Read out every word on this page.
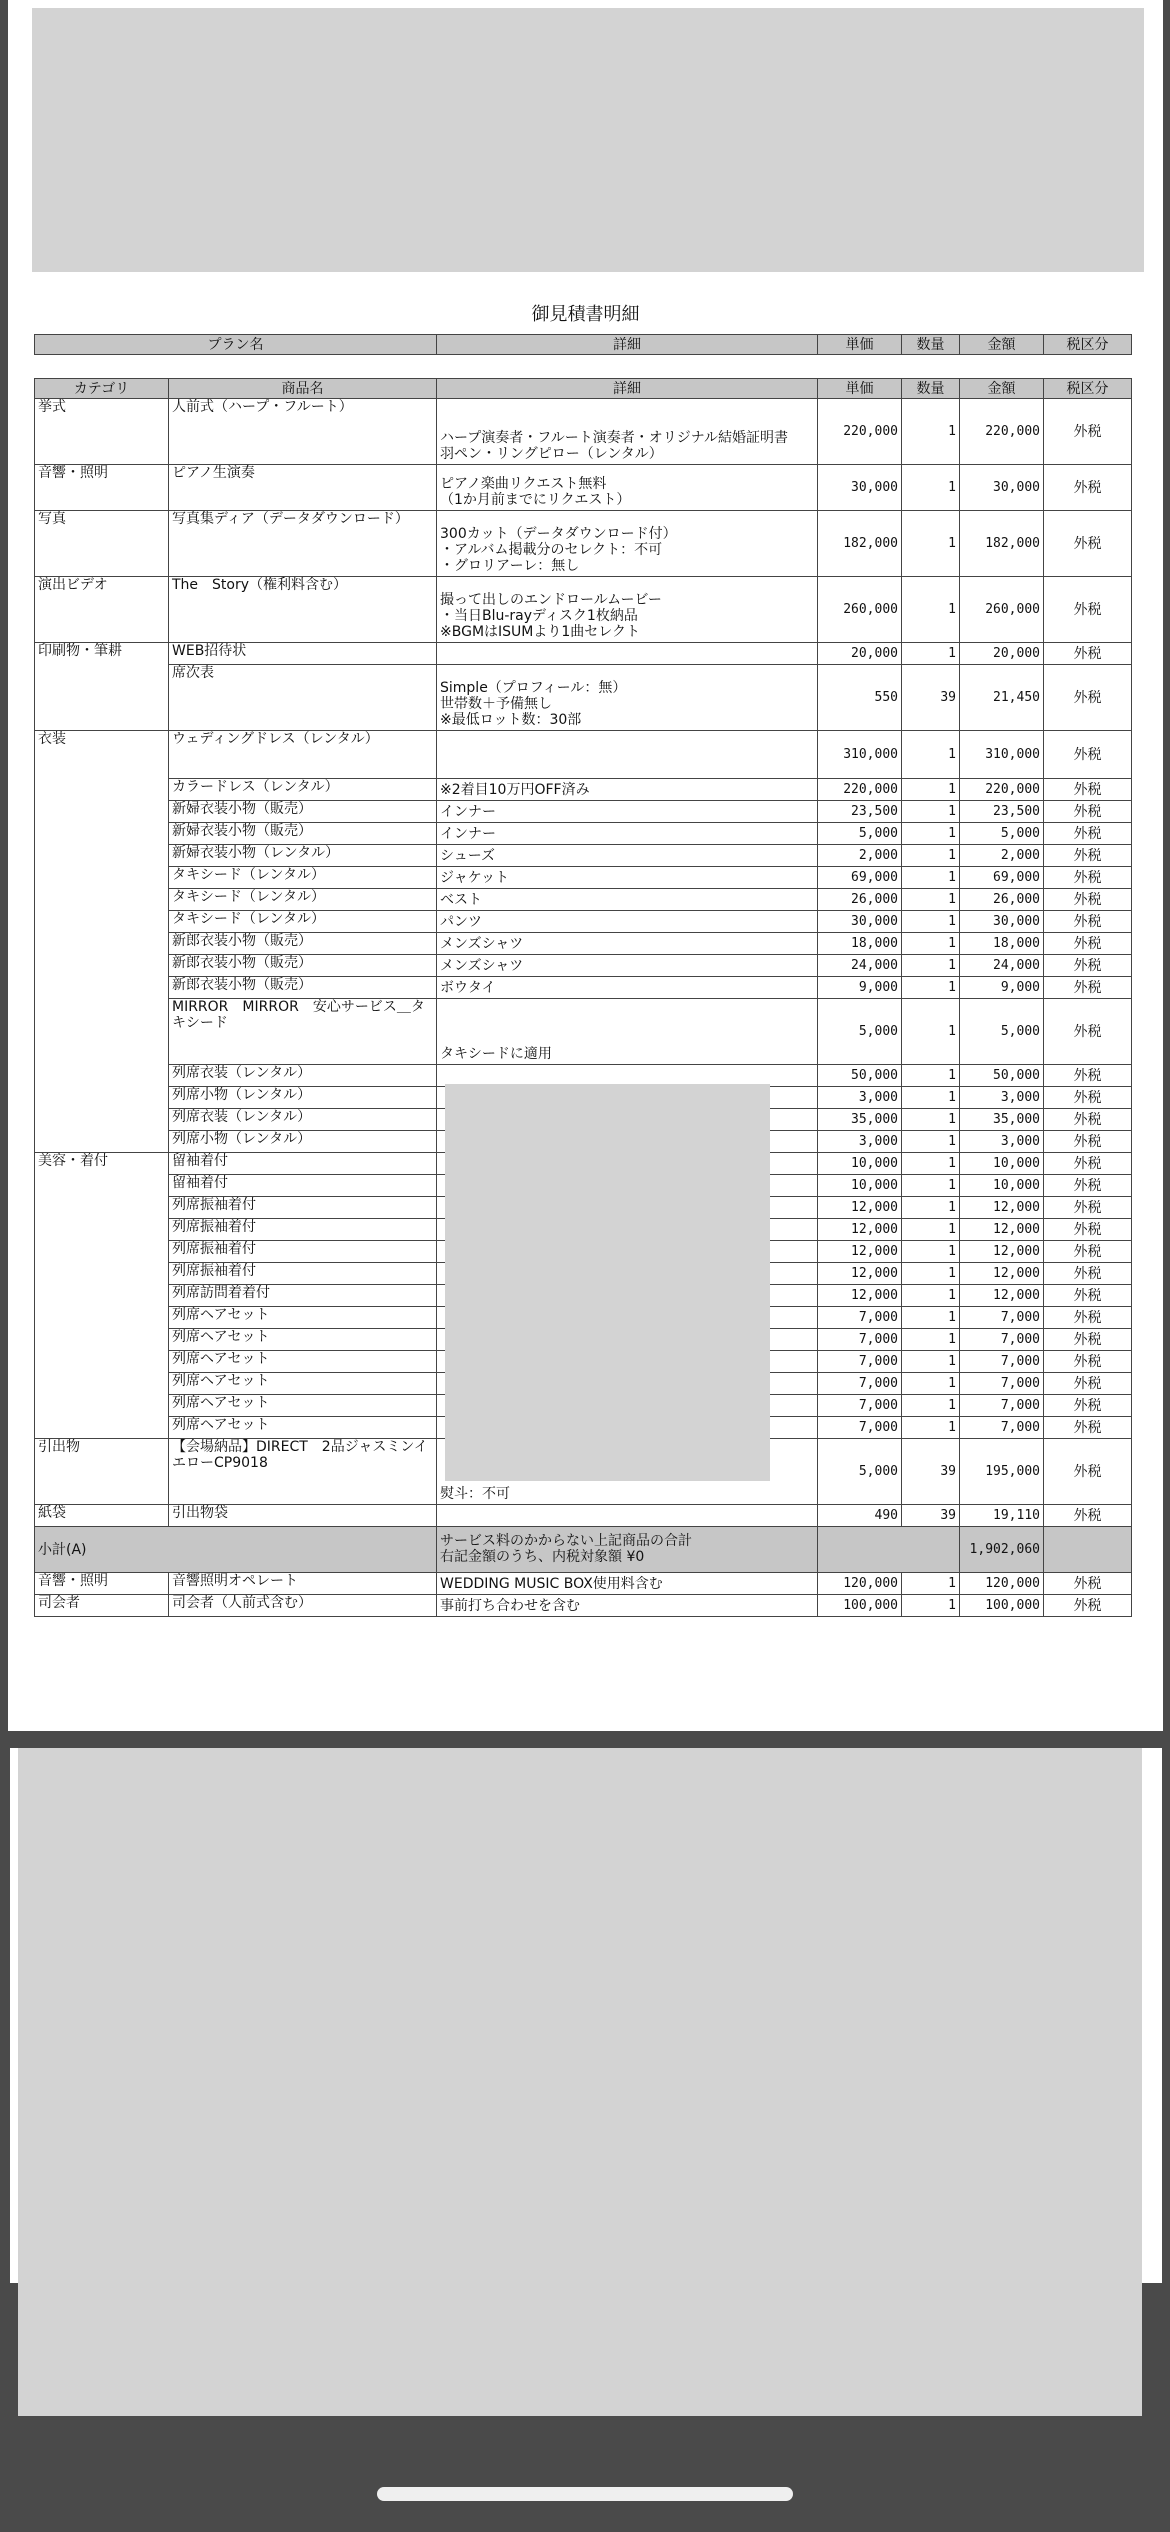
御見積書明細
プラン名	詳細	単価	数量	金額	税区分
カテゴリ	商品名	詳細	単価	数量	金額	税区分
挙式	人前式（ハープ・フルート）	ハープ演奏者・フルート演奏者・オリジナル結婚証明書
羽ペン・リングピロー（レンタル）	220,000	1	220,000	外税
音響・照明	ピアノ生演奏	ピアノ楽曲リクエスト無料
（1か月前までにリクエスト）	30,000	1	30,000	外税
写真	写真集ディア（データダウンロード）	300カット（データダウンロード付）
・アルバム掲載分のセレクト：不可
・グロリアーレ：無し	182,000	1	182,000	外税
演出ビデオ	The　Story（権利料含む）	撮って出しのエンドロールムービー
・当日Blu-rayディスク1枚納品
※BGMはISUMより1曲セレクト	260,000	1	260,000	外税
印刷物・筆耕	WEB招待状		20,000	1	20,000	外税
	席次表	Simple（プロフィール：無）
世帯数＋予備無し
※最低ロット数：30部	550	39	21,450	外税
衣装	ウェディングドレス（レンタル）		310,000	1	310,000	外税
	カラードレス（レンタル）	※2着目10万円OFF済み	220,000	1	220,000	外税
	新婦衣装小物（販売）	インナー	23,500	1	23,500	外税
	新婦衣装小物（販売）	インナー	5,000	1	5,000	外税
	新婦衣装小物（レンタル）	シューズ	2,000	1	2,000	外税
	タキシード（レンタル）	ジャケット	69,000	1	69,000	外税
	タキシード（レンタル）	ベスト	26,000	1	26,000	外税
	タキシード（レンタル）	パンツ	30,000	1	30,000	外税
	新郎衣装小物（販売）	メンズシャツ	18,000	1	18,000	外税
	新郎衣装小物（販売）	メンズシャツ	24,000	1	24,000	外税
	新郎衣装小物（販売）	ボウタイ	9,000	1	9,000	外税
	MIRROR　MIRROR　安心サービス＿タキシード	タキシードに適用	5,000	1	5,000	外税
	列席衣装（レンタル）		50,000	1	50,000	外税
	列席小物（レンタル）		3,000	1	3,000	外税
	列席衣装（レンタル）		35,000	1	35,000	外税
	列席小物（レンタル）		3,000	1	3,000	外税
美容・着付	留袖着付		10,000	1	10,000	外税
	留袖着付		10,000	1	10,000	外税
	列席振袖着付		12,000	1	12,000	外税
	列席振袖着付		12,000	1	12,000	外税
	列席振袖着付		12,000	1	12,000	外税
	列席振袖着付		12,000	1	12,000	外税
	列席訪問着着付		12,000	1	12,000	外税
	列席ヘアセット		7,000	1	7,000	外税
	列席ヘアセット		7,000	1	7,000	外税
	列席ヘアセット		7,000	1	7,000	外税
	列席ヘアセット		7,000	1	7,000	外税
	列席ヘアセット		7,000	1	7,000	外税
	列席ヘアセット		7,000	1	7,000	外税
引出物	【会場納品】DIRECT　2品ジャスミンイエローCP9018	熨斗：不可	5,000	39	195,000	外税
紙袋	引出物袋		490	39	19,110	外税
小計(A)		サービス料のかからない上記商品の合計
右記金額のうち、内税対象額 ¥0			1,902,060	
音響・照明	音響照明オペレート	WEDDING MUSIC BOX使用料含む	120,000	1	120,000	外税
司会者	司会者（人前式含む）	事前打ち合わせを含む	100,000	1	100,000	外税
